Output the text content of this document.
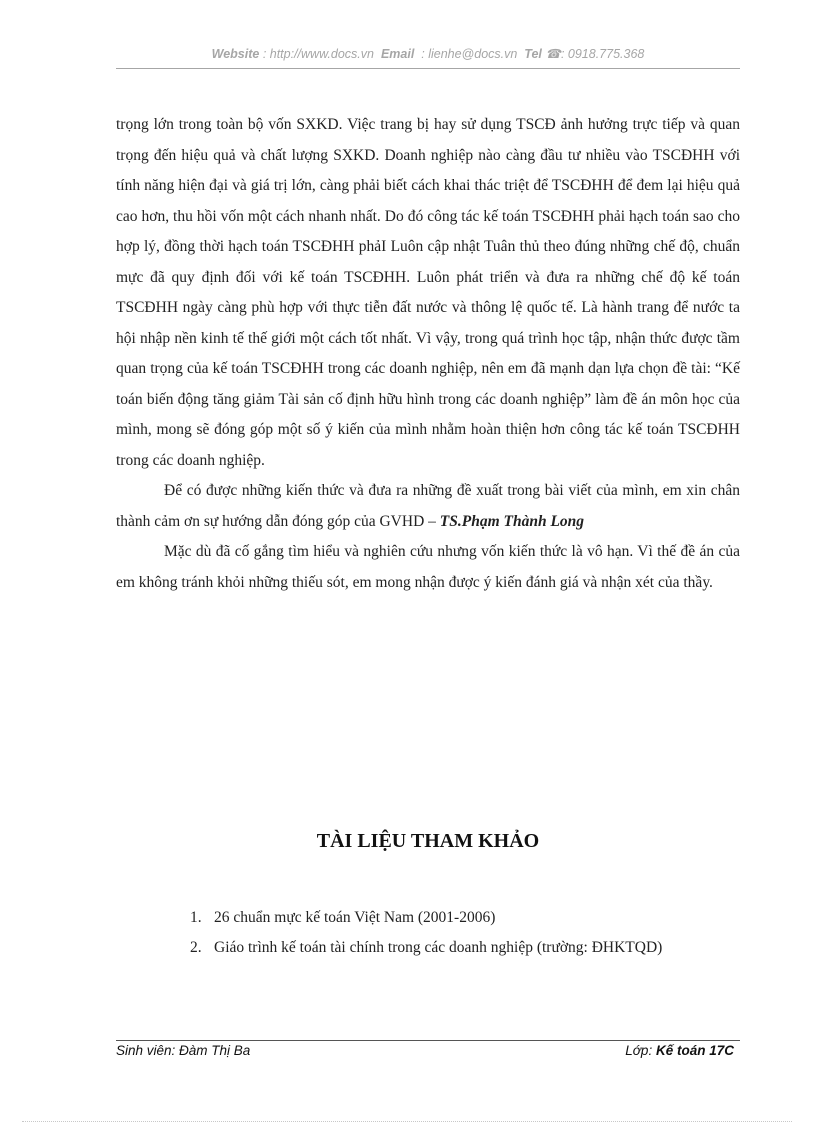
Website : http://www.docs.vn Email : lienhe@docs.vn Tel ☎: 0918.775.368

trọng lớn trong toàn bộ vốn SXKD. Việc trang bị hay sử dụng TSCĐ ảnh hưởng trực tiếp và quan trọng đến hiệu quả và chất lượng SXKD. Doanh nghiệp nào càng đầu tư nhiều vào TSCĐHH với tính năng hiện đại và giá trị lớn, càng phải biết cách khai thác triệt để TSCĐHH để đem lại hiệu quả cao hơn, thu hồi vốn một cách nhanh nhất. Do đó công tác kế toán TSCĐHH phải hạch toán sao cho hợp lý, đồng thời hạch toán TSCĐHH phảI Luôn cập nhật Tuân thủ theo đúng những chế độ, chuẩn mực đã quy định đối với kế toán TSCĐHH. Luôn phát triển và đưa ra những chế độ kế toán TSCĐHH ngày càng phù hợp với thực tiễn đất nước và thông lệ quốc tế. Là hành trang để nước ta hội nhập nền kinh tế thế giới một cách tốt nhất. Vì vậy, trong quá trình học tập, nhận thức được tầm quan trọng của kế toán TSCĐHH trong các doanh nghiệp, nên em đã mạnh dạn lựa chọn đề tài: “Kế toán biến động tăng giảm Tài sản cố định hữu hình trong các doanh nghiệp” làm đề án môn học của mình, mong sẽ đóng góp một số ý kiến của mình nhằm hoàn thiện hơn công tác kế toán TSCĐHH trong các doanh nghiệp.

Để có được những kiến thức và đưa ra những đề xuất trong bài viết của mình, em xin chân thành cảm ơn sự hướng dẫn đóng góp của GVHD – TS.Phạm Thành Long

Mặc dù đã cố gắng tìm hiểu và nghiên cứu nhưng vốn kiến thức là vô hạn. Vì thế đề án của em không tránh khỏi những thiếu sót, em mong nhận được ý kiến đánh giá và nhận xét của thầy.

TÀI LIỆU THAM KHẢO
1. 26 chuẩn mực kế toán Việt Nam (2001-2006)
2. Giáo trình kế toán tài chính trong các doanh nghiệp (trường: ĐHKTQD)
Sinh viên: Đàm Thị Ba	Lớp: Kế toán 17C
